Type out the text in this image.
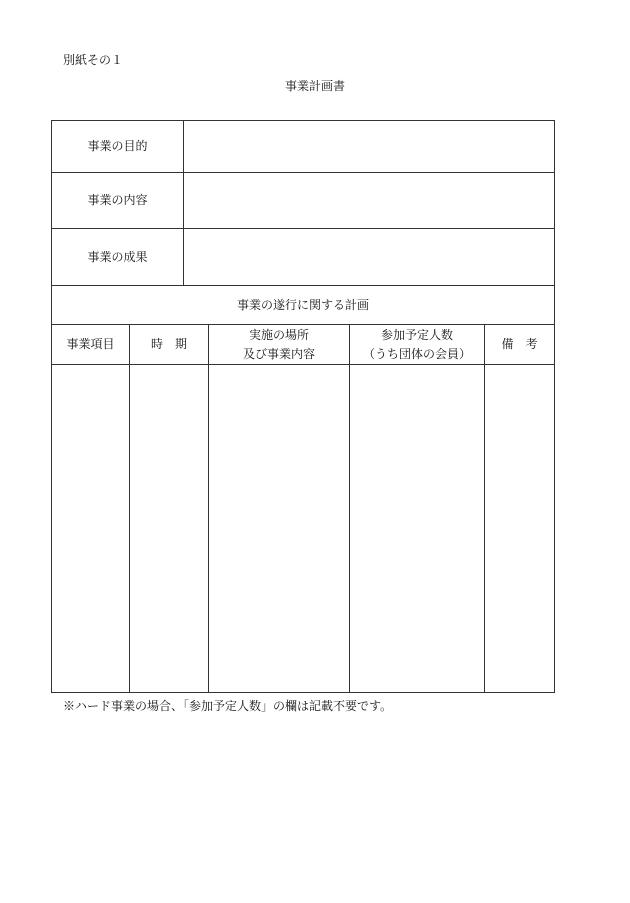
別紙その１
事業計画書
事業の目的
事業の内容
事業の成果
事業の遂行に関する計画
事業項目	時　期
実施の場所
及び事業内容
参加予定人数
（うち団体の会員）
備　考
※ハード事業の場合、「参加予定人数」の欄は記載不要です。
